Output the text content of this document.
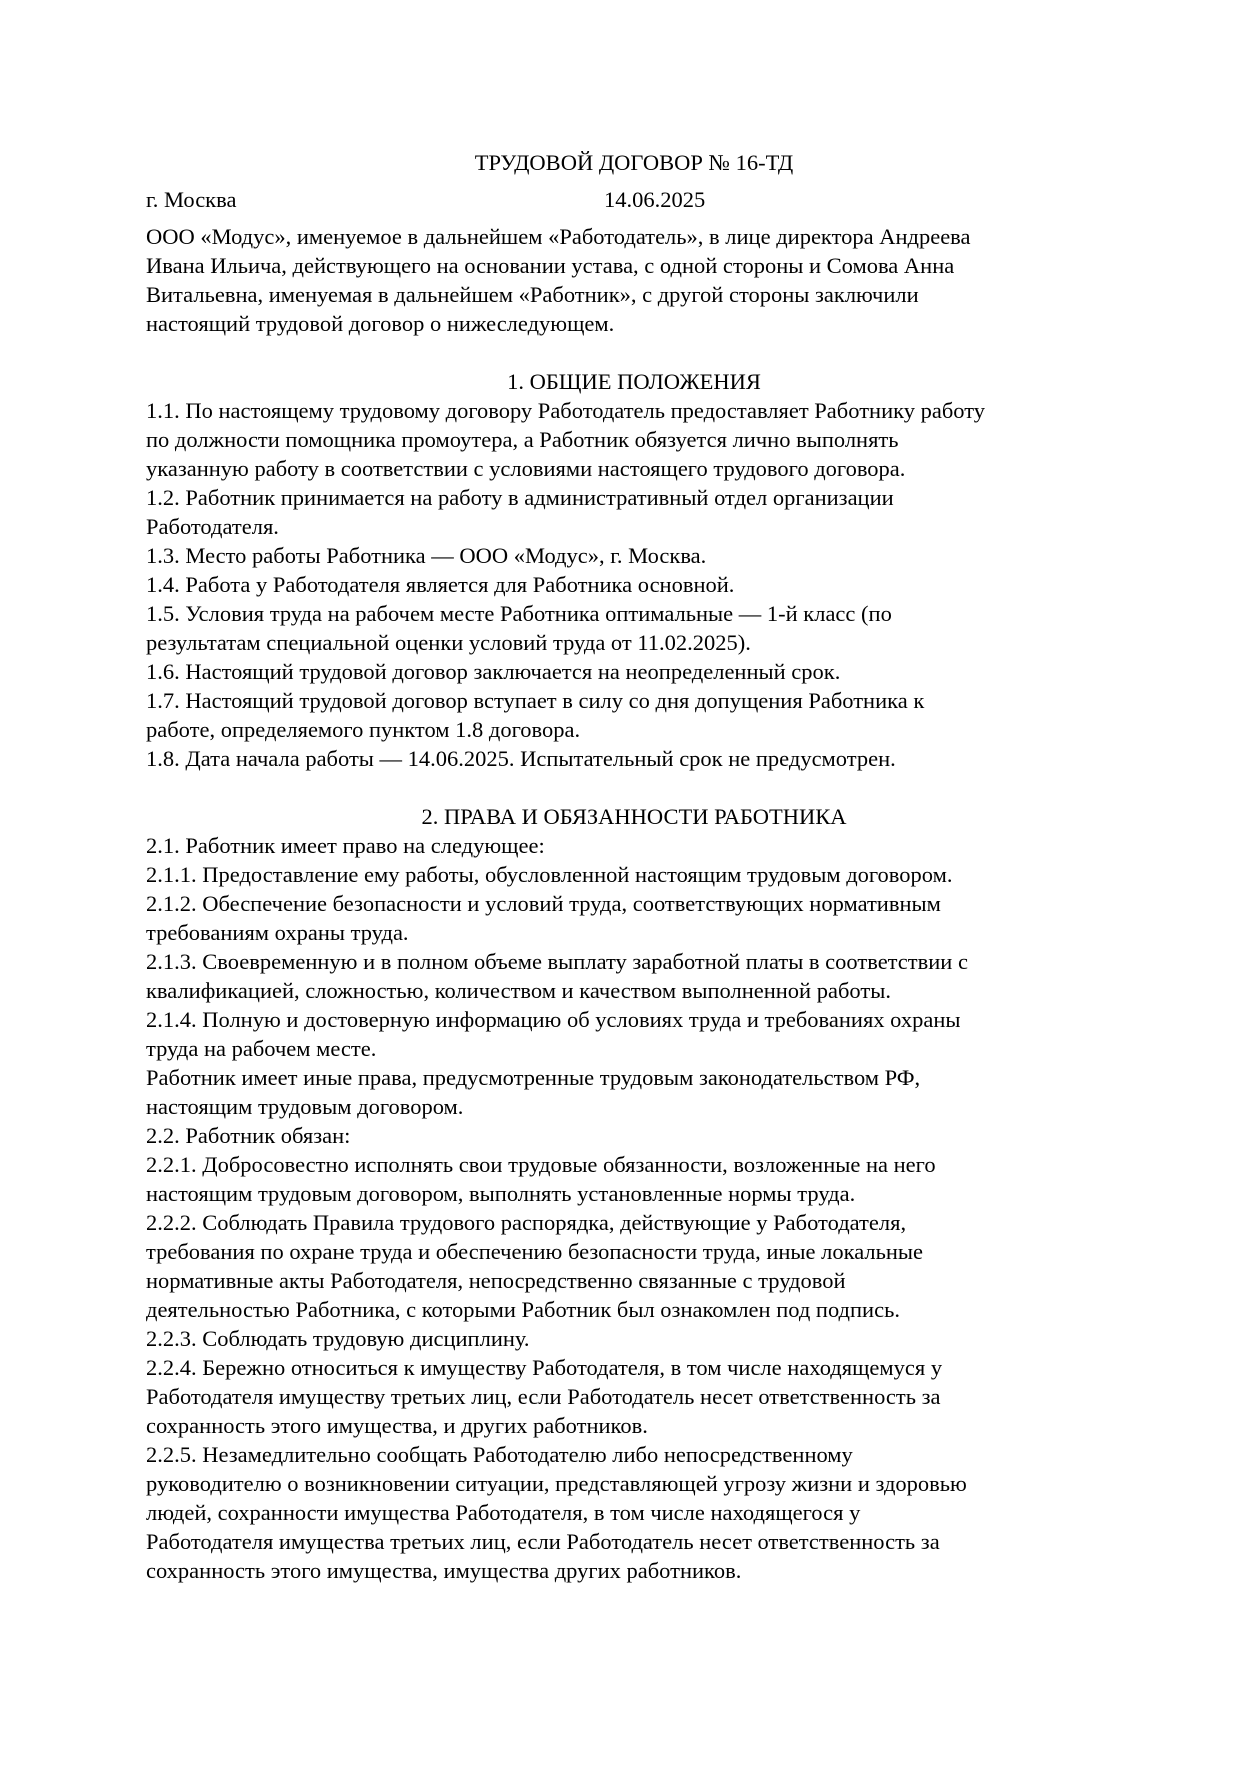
ТРУДОВОЙ ДОГОВОР № 16-ТД
г. Москва	14.06.2025
ООО «Модус», именуемое в дальнейшем «Работодатель», в лице директора Андреева
Ивана Ильича, действующего на основании устава, с одной стороны и Сомова Анна
Витальевна, именуемая в дальнейшем «Работник», с другой стороны заключили
настоящий трудовой договор о нижеследующем.
1. ОБЩИЕ ПОЛОЖЕНИЯ
1.1. По настоящему трудовому договору Работодатель предоставляет Работнику работу
по должности помощника промоутера, а Работник обязуется лично выполнять
указанную работу в соответствии с условиями настоящего трудового договора.
1.2. Работник принимается на работу в административный отдел организации
Работодателя.
1.3. Место работы Работника — ООО «Модус», г. Москва.
1.4. Работа у Работодателя является для Работника основной.
1.5. Условия труда на рабочем месте Работника оптимальные — 1-й класс (по
результатам специальной оценки условий труда от 11.02.2025).
1.6. Настоящий трудовой договор заключается на неопределенный срок.
1.7. Настоящий трудовой договор вступает в силу со дня допущения Работника к
работе, определяемого пунктом 1.8 договора.
1.8. Дата начала работы — 14.06.2025. Испытательный срок не предусмотрен.
2. ПРАВА И ОБЯЗАННОСТИ РАБОТНИКА
2.1. Работник имеет право на следующее:
2.1.1. Предоставление ему работы, обусловленной настоящим трудовым договором.
2.1.2. Обеспечение безопасности и условий труда, соответствующих нормативным
требованиям охраны труда.
2.1.3. Своевременную и в полном объеме выплату заработной платы в соответствии с
квалификацией, сложностью, количеством и качеством выполненной работы.
2.1.4. Полную и достоверную информацию об условиях труда и требованиях охраны
труда на рабочем месте.
Работник имеет иные права, предусмотренные трудовым законодательством РФ,
настоящим трудовым договором.
2.2. Работник обязан:
2.2.1. Добросовестно исполнять свои трудовые обязанности, возложенные на него
настоящим трудовым договором, выполнять установленные нормы труда.
2.2.2. Соблюдать Правила трудового распорядка, действующие у Работодателя,
требования по охране труда и обеспечению безопасности труда, иные локальные
нормативные акты Работодателя, непосредственно связанные с трудовой
деятельностью Работника, с которыми Работник был ознакомлен под подпись.
2.2.3. Соблюдать трудовую дисциплину.
2.2.4. Бережно относиться к имуществу Работодателя, в том числе находящемуся у
Работодателя имуществу третьих лиц, если Работодатель несет ответственность за
сохранность этого имущества, и других работников.
2.2.5. Незамедлительно сообщать Работодателю либо непосредственному
руководителю о возникновении ситуации, представляющей угрозу жизни и здоровью
людей, сохранности имущества Работодателя, в том числе находящегося у
Работодателя имущества третьих лиц, если Работодатель несет ответственность за
сохранность этого имущества, имущества других работников.
